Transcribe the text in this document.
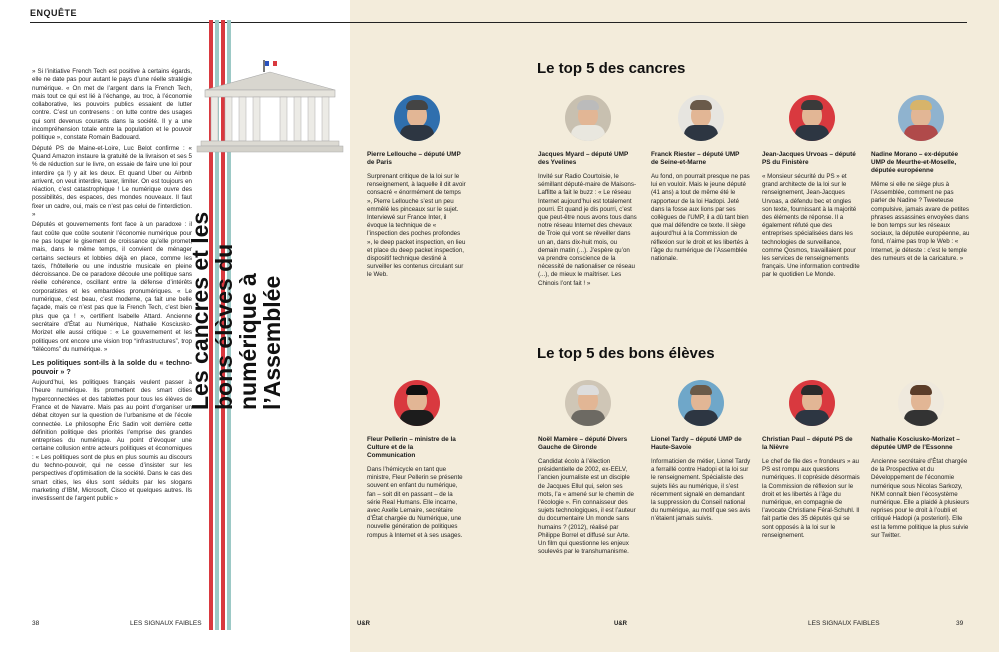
ENQUÊTE
Les cancres et les bons élèves du numérique à l’Assemblée

» Si l’initiative French Tech est positive à certains égards, elle ne date pas pour autant le pays d’une réelle stratégie numérique. « On met de l’argent dans la French Tech, mais tout ce qui est lié à l’échange, au troc, à l’économie collaborative, les pouvoirs publics essaient de lutter contre. C’est un contresens : on lutte contre des usages qui sont devenus courants dans la société. Il y a une incompréhension totale entre la population et le pouvoir politique », constate Romain Badouard.

Député PS de Maine-et-Loire, Luc Belot confirme : « Quand Amazon instaure la gratuité de la livraison et ses 5 % de réduction sur le livre, on essaie de faire une loi pour interdire ça !) y ait les deux. Et quand Uber ou Airbnb arrivent, on veut interdire, taxer, limiter. On est toujours en réaction, c’est catastrophique ! Le numérique ouvre des possibilités, des espaces, des mondes nouveaux. Il faut fixer un cadre, oui, mais ce n’est pas celui de l’interdiction. »

Députés et gouvernements font face à un paradoxe : il faut coûte que coûte soutenir l’économie numérique pour ne pas louper le gisement de croissance qu’elle promet, mais, dans le même temps, il convient de ménager certains secteurs et lobbies déjà en place, comme les taxis, l’hôtellerie ou une industrie musicale en pleine décroissance. De ce paradoxe découle une politique sans réelle cohérence, oscillant entre la défense d’intérêts corporatistes et les embardées pronumériques. « Le numérique, c’est beau, c’est moderne, ça fait une belle façade, mais ce n’est pas que la French Tech, c’est bien plus que ça ! », certifient Isabelle Attard. Ancienne secrétaire d’État au Numérique, Nathalie Kosciusko-Morizet elle aussi critique : « Le gouvernement et les politiques ont encore une vision trop “infrastructures”, trop “télécoms” du numérique. »

Les politiques sont-ils à la solde du « techno-pouvoir » ?

Aujourd’hui, les politiques français veulent passer à l’heure numérique. Ils promettent des smart cities hyperconnectées et des tablettes pour tous les élèves de France et de Navarre. Mais pas au point d’organiser un débat citoyen sur la question de l’urbanisme et de l’école connectée. Le philosophe Éric Sadin voit derrière cette définition politique des priorités l’emprise des grandes entreprises du numérique. Au point d’évoquer une certaine collusion entre acteurs politiques et économiques : « Les politiques sont de plus en plus soumis au discours du techno-pouvoir, qui ne cesse d’insister sur les perspectives d’optimisation de la société. Dans le cas des smart cities, les élus sont séduits par les slogans marketing d’IBM, Microsoft, Cisco et quelques autres. Ils investissent de l’argent public »

38	LES SIGNAUX FAIBLES	U&R	U&R	LES SIGNAUX FAIBLES	39
Le top 5 des cancres
Le top 5 des bons élèves
Pierre Lellouche – député UMP de Paris
Surprenant critique de la loi sur le renseignement, à laquelle il dit avoir consacré « énormément de temps », Pierre Lellouche s’est un peu emmêlé les pinceaux sur le sujet. Interviewé sur France Inter, il évoque la technique de « l’inspection des poches profondes », le deep packet inspection, en lieu et place du deep packet inspection, dispositif technique destiné à surveiller les contenus circulant sur le Web.
Jacques Myard – député UMP des Yvelines
Invité sur Radio Courtoisie, le sémillant député-maire de Maisons-Laffitte a fait le buzz : « Le réseau Internet aujourd’hui est totalement pourri. Et quand je dis pourri, c’est que peut-être nous avons tous dans notre réseau Internet des chevaux de Troie qui vont se réveiller dans un an, dans dix-huit mois, ou demain matin (...). J’espère qu’on va prendre conscience de la nécessité de nationaliser ce réseau (...), de mieux le maîtriser. Les Chinois l’ont fait ! »
Franck Riester – député UMP de Seine-et-Marne
Au fond, on pourrait presque ne pas lui en vouloir. Mais le jeune député (41 ans) a tout de même été le rapporteur de la loi Hadopi. Jeté dans la fosse aux lions par ses collègues de l’UMP, il a dû tant bien que mal défendre ce texte. Il siège aujourd’hui à la Commission de réflexion sur le droit et les libertés à l’âge du numérique de l’Assemblée nationale.
Jean-Jacques Urvoas – député PS du Finistère
« Monsieur sécurité du PS » et grand architecte de la loi sur le renseignement, Jean-Jacques Urvoas, a défendu bec et ongles son texte, fournissant à la majorité des éléments de réponse. Il a également réfuté que des entreprises spécialisées dans les technologies de surveillance, comme Qosmos, travaillaient pour les services de renseignements français. Une information contredite par le quotidien Le Monde.
Nadine Morano – ex-députée UMP de Meurthe-et-Moselle, députée européenne
Même si elle ne siège plus à l’Assemblée, comment ne pas parler de Nadine ? Tweeteuse compulsive, jamais avare de petites phrases assassines envoyées dans le bon temps sur les réseaux sociaux, la députée européenne, au fond, n’aime pas trop le Web : « Internet, je déteste : c’est le temple des rumeurs et de la caricature. »
Fleur Pellerin – ministre de la Culture et de la Communication
Dans l’hémicycle en tant que ministre, Fleur Pellerin se présente souvent en enfant du numérique, fan – soit dit en passant – de la série Real Humans. Elle incarne, avec Axelle Lemaire, secrétaire d’État chargée du Numérique, une nouvelle génération de politiques rompus à Internet et à ses usages.
Noël Mamère – député Divers Gauche de Gironde
Candidat écolo à l’élection présidentielle de 2002, ex-EELV, l’ancien journaliste est un disciple de Jacques Ellul qui, selon ses mots, l’a « amené sur le chemin de l’écologie ». Fin connaisseur des sujets technologiques, il est l’auteur du documentaire Un monde sans humains ? (2012), réalisé par Philippe Borrel et diffusé sur Arte. Un film qui questionne les enjeux soulevés par le transhumanisme.
Lionel Tardy – député UMP de Haute-Savoie
Informaticien de métier, Lionel Tardy a ferraillé contre Hadopi et la loi sur le renseignement. Spécialiste des sujets liés au numérique, il s’est récemment signalé en demandant la suppression du Conseil national du numérique, au motif que ses avis n’étaient jamais suivis.
Christian Paul – député PS de la Nièvre
Le chef de file des « frondeurs » au PS est rompu aux questions numériques. Il copréside désormais la Commission de réflexion sur le droit et les libertés à l’âge du numérique, en compagnie de l’avocate Christiane Féral-Schuhl. Il fait partie des 35 députés qui se sont opposés à la loi sur le renseignement.
Nathalie Kosciusko-Morizet – députée UMP de l’Essonne
Ancienne secrétaire d’État chargée de la Prospective et du Développement de l’économie numérique sous Nicolas Sarkozy, NKM connaît bien l’écosystème numérique. Elle a plaidé à plusieurs reprises pour le droit à l’oubli et critiqué Hadopi (a posteriori). Elle est la femme politique la plus suivie sur Twitter.
